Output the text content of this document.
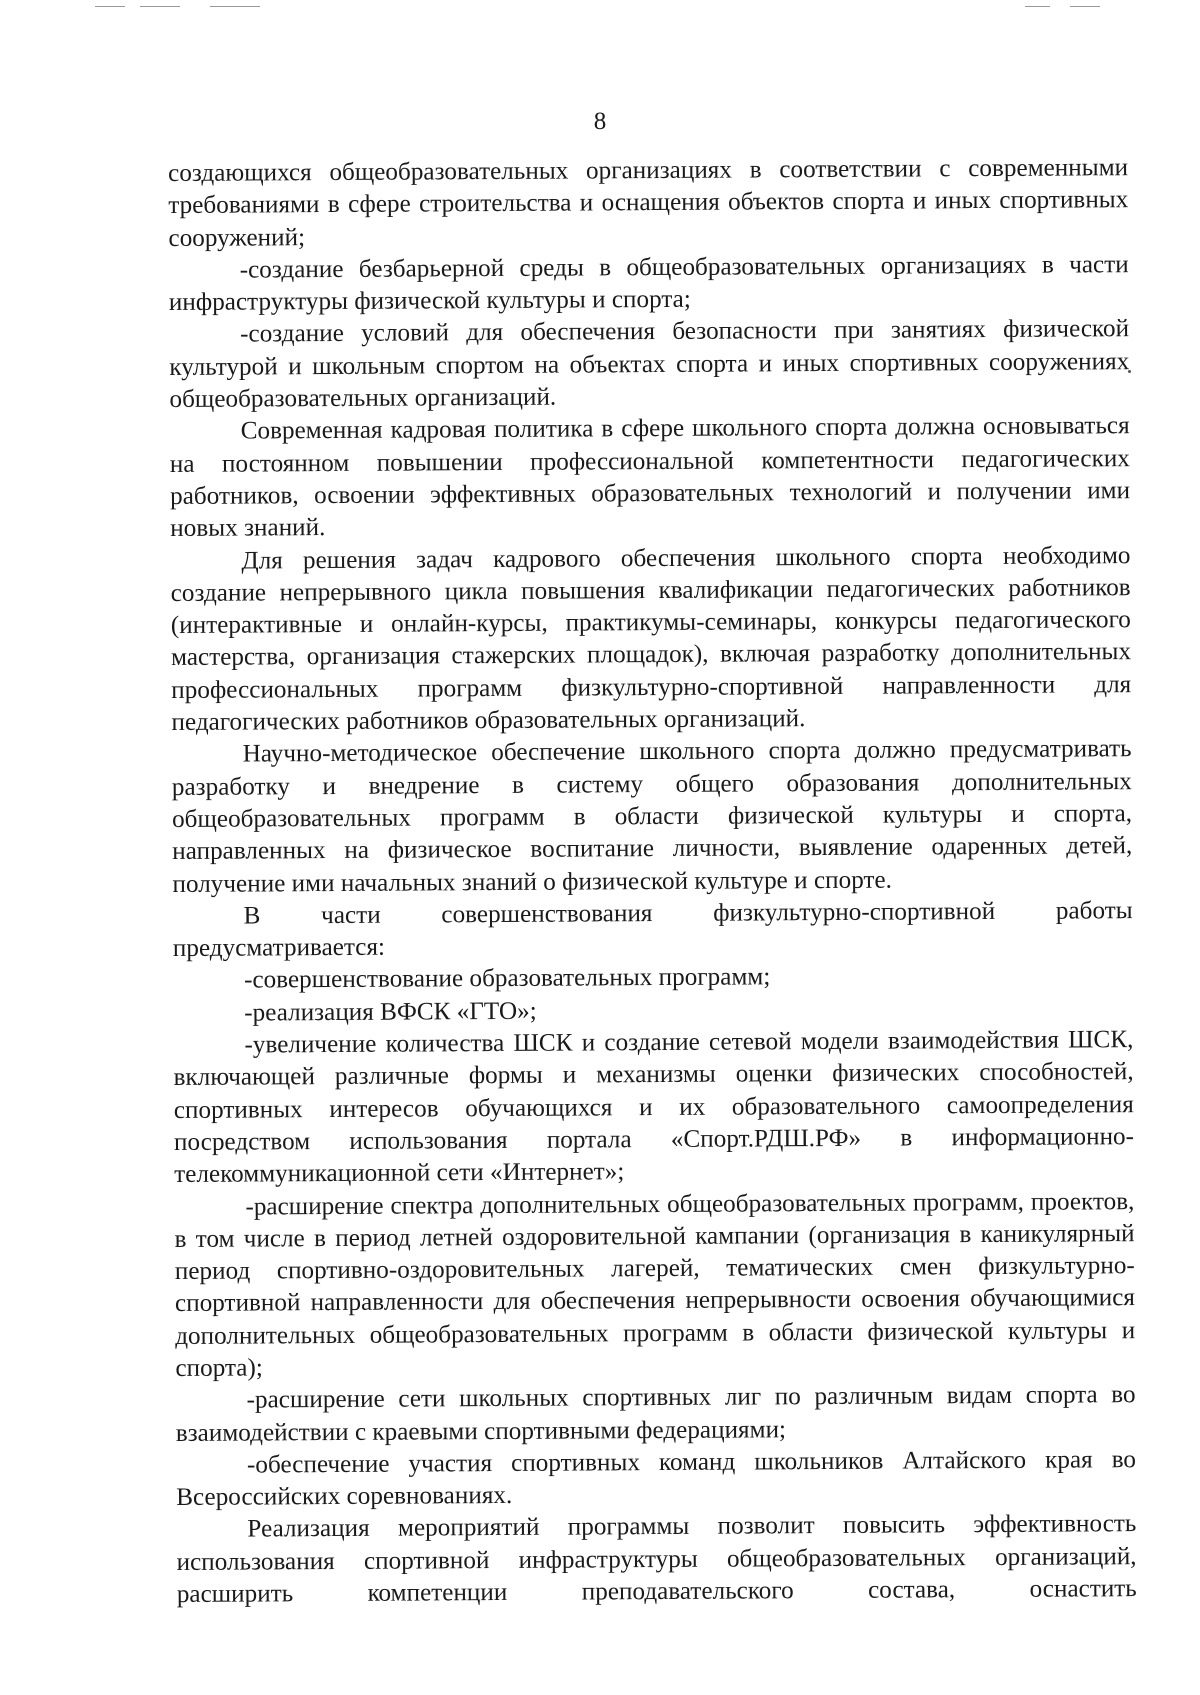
8

создающихся общеобразовательных организациях в соответствии с современными требованиями в сфере строительства и оснащения объектов спорта и иных спортивных сооружений;

-создание безбарьерной среды в общеобразовательных организациях в части инфраструктуры физической культуры и спорта;

-создание условий для обеспечения безопасности при занятиях физической культурой и школьным спортом на объектах спорта и иных спортивных сооружениях общеобразовательных организаций.

Современная кадровая политика в сфере школьного спорта должна основываться на постоянном повышении профессиональной компетентности педагогических работников, освоении эффективных образовательных технологий и получении ими новых знаний.

Для решения задач кадрового обеспечения школьного спорта необходимо создание непрерывного цикла повышения квалификации педагогических работников (интерактивные и онлайн-курсы, практикумы-семинары, конкурсы педагогического мастерства, организация стажерских площадок), включая разработку дополнительных профессиональных программ физкультурно-спортивной направленности для педагогических работников образовательных организаций.

Научно-методическое обеспечение школьного спорта должно предусматривать разработку и внедрение в систему общего образования дополнительных общеобразовательных программ в области физической культуры и спорта, направленных на физическое воспитание личности, выявление одаренных детей, получение ими начальных знаний о физической культуре и спорте.

В части совершенствования физкультурно-спортивной работы предусматривается:

-совершенствование образовательных программ;

-реализация ВФСК «ГТО»;

-увеличение количества ШСК и создание сетевой модели взаимодействия ШСК, включающей различные формы и механизмы оценки физических способностей, спортивных интересов обучающихся и их образовательного самоопределения посредством использования портала «Спорт.РДШ.РФ» в информационно-телекоммуникационной сети «Интернет»;

-расширение спектра дополнительных общеобразовательных программ, проектов, в том числе в период летней оздоровительной кампании (организация в каникулярный период спортивно-оздоровительных лагерей, тематических смен физкультурно-спортивной направленности для обеспечения непрерывности освоения обучающимися дополнительных общеобразовательных программ в области физической культуры и спорта);

-расширение сети школьных спортивных лиг по различным видам спорта во взаимодействии с краевыми спортивными федерациями;

-обеспечение участия спортивных команд школьников Алтайского края во Всероссийских соревнованиях.

Реализация мероприятий программы позволит повысить эффективность использования спортивной инфраструктуры общеобразовательных организаций, расширить компетенции преподавательского состава, оснастить
